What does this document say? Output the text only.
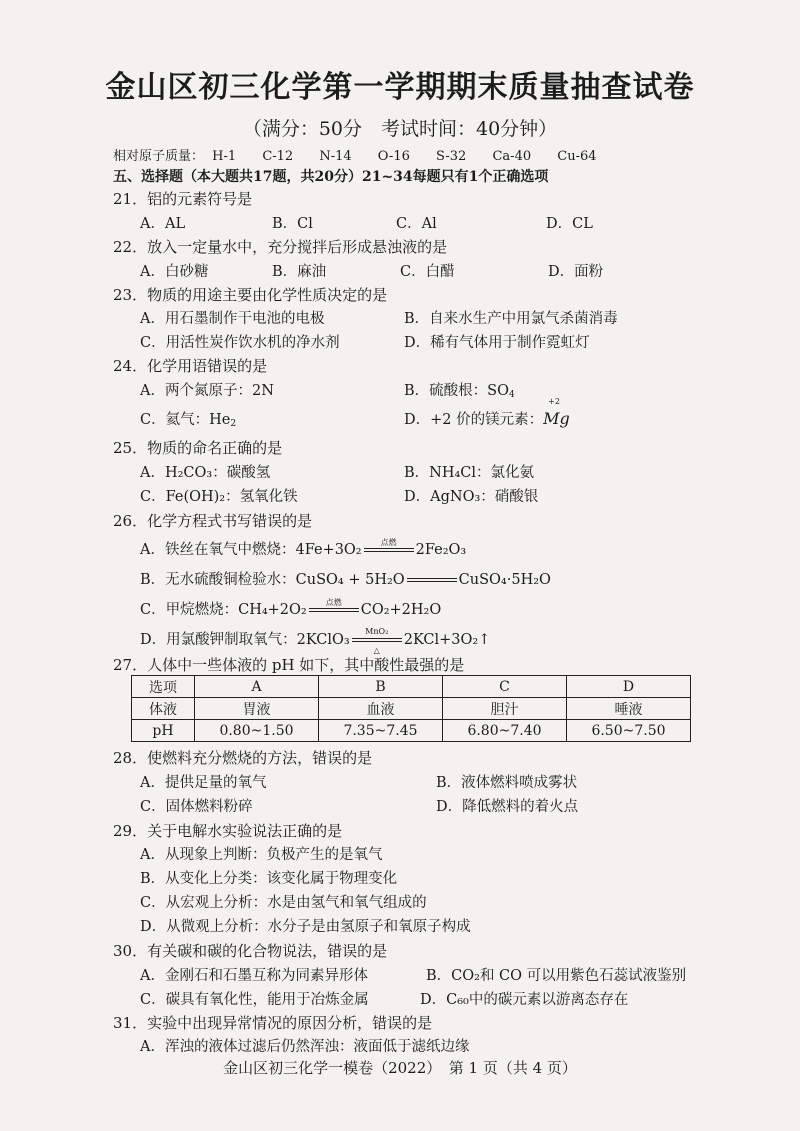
金山区初三化学第一学期期末质量抽查试卷
（满分：50分　考试时间：40分钟）
相对原子质量： H-1 C-12 N-14 O-16 S-32 Ca-40 Cu-64
五、选择题（本大题共17题，共20分）21~34每题只有1个正确选项
21．铝的元素符号是
A．AL	B．Cl	C．Al	D．CL
22．放入一定量水中，充分搅拌后形成悬浊液的是
A．白砂糖	B．麻油	C．白醋	D．面粉
23．物质的用途主要由化学性质决定的是
A．用石墨制作干电池的电极	B．自来水生产中用氯气杀菌消毒
C．用活性炭作饮水机的净水剂	D．稀有气体用于制作霓虹灯
24．化学用语错误的是
A．两个氮原子：2N	B．硫酸根：$SO_4$
C．氦气：$He_2$	D．+2 价的镁元素：
+2
Mg
25．物质的命名正确的是
A．H₂CO₃：碳酸氢	B．NH₄Cl：氯化氨
C．Fe(OH)₂：氢氧化铁	D．AgNO₃：硝酸银
26．化学方程式书写错误的是
A．铁丝在氧气中燃烧：4Fe+3O₂	点燃	2Fe₂O₃
B．无水硫酸铜检验水：CuSO₄ + 5H₂O	CuSO₄·5H₂O
C．甲烷燃烧：CH₄+2O₂	点燃	CO₂+2H₂O
D．用氯酸钾制取氧气：2KClO₃
MnO₂
△
2KCl+3O₂↑
27．人体中一些体液的 pH 如下，其中酸性最强的是
选项	A	B	C	D
体液	胃液	血液	胆汁	唾液
pH	0.80~1.50	7.35~7.45	6.80~7.40	6.50~7.50
28．使燃料充分燃烧的方法，错误的是
A．提供足量的氧气	B．液体燃料喷成雾状
C．固体燃料粉碎	D．降低燃料的着火点
29．关于电解水实验说法正确的是
A．从现象上判断：负极产生的是氧气
B．从变化上分类：该变化属于物理变化
C．从宏观上分析：水是由氢气和氧气组成的
D．从微观上分析：水分子是由氢原子和氧原子构成
30．有关碳和碳的化合物说法，错误的是
A．金刚石和石墨互称为同素异形体	B．CO₂和 CO 可以用紫色石蕊试液鉴别
C．碳具有氧化性，能用于冶炼金属	D．C₆₀中的碳元素以游离态存在
31．实验中出现异常情况的原因分析，错误的是
A．浑浊的液体过滤后仍然浑浊：液面低于滤纸边缘
金山区初三化学一模卷（2022）　第 1 页（共 4 页）
